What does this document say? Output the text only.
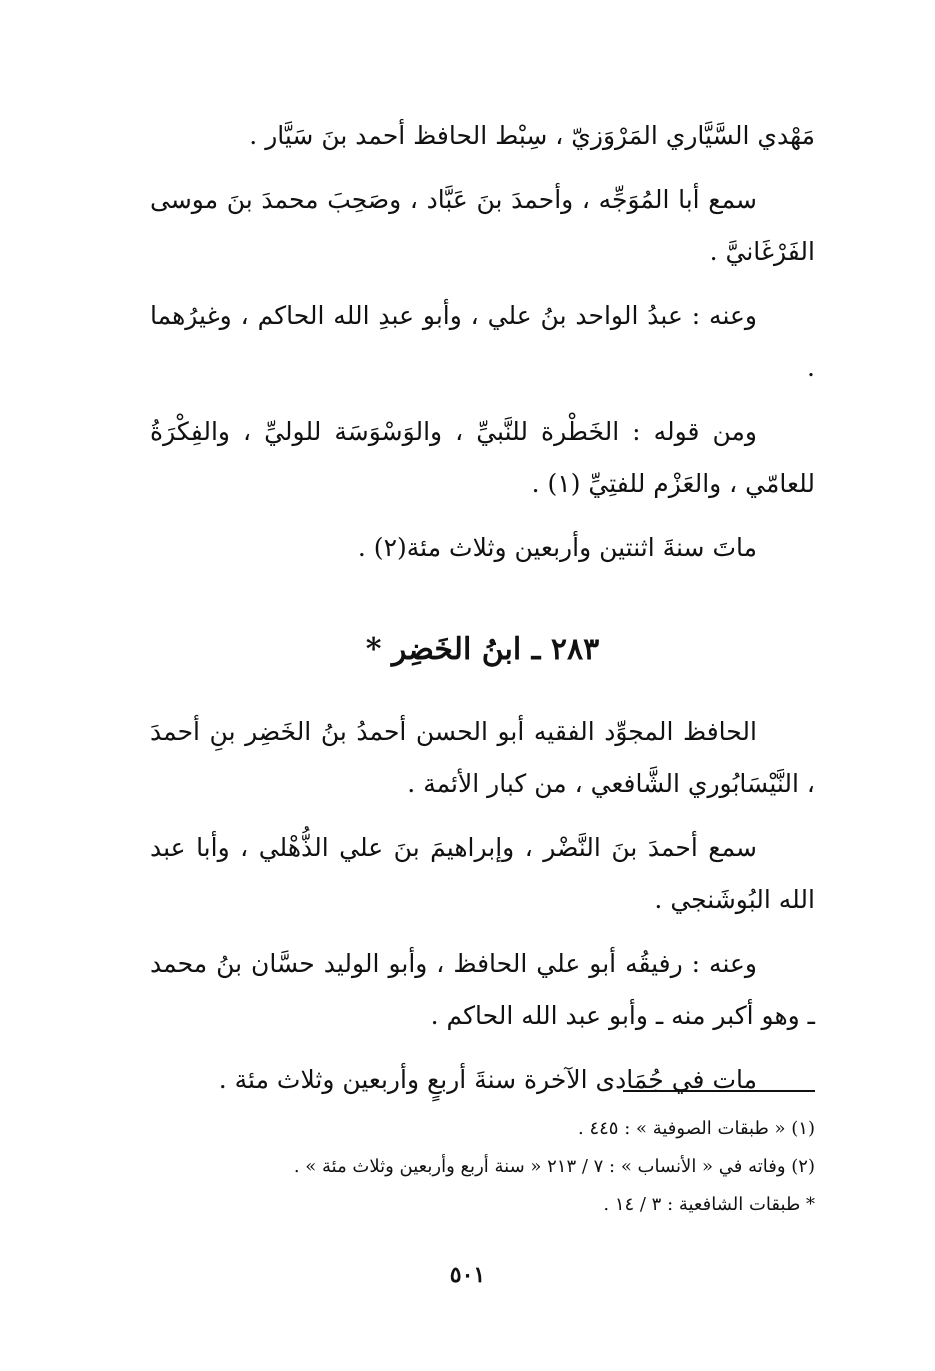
مَهْدي السَّيَّاري المَرْوَزيّ ، سِبْط الحافظ أحمد بنَ سَيَّار .

سمع أبا المُوَجِّه ، وأحمدَ بنَ عَبَّاد ، وصَحِبَ محمدَ بنَ موسى الفَرْغَانيَّ .

وعنه : عبدُ الواحد بنُ علي ، وأبو عبدِ الله الحاكم ، وغيرُهما .

ومن قوله : الخَطْرة للنَّبيِّ ، والوَسْوَسَة للوليِّ ، والفِكْرَةُ للعامّي ، والعَزْم للفتِيِّ (١) .

ماتَ سنةَ اثنتين وأربعين وثلاث مئة(٢) .

٢٨٣ ـ ابنُ الخَضِر *

الحافظ المجوِّد الفقيه أبو الحسن أحمدُ بنُ الخَضِر بنِ أحمدَ ، النَّيْسَابُوري الشَّافعي ، من كبار الأئمة .

سمع أحمدَ بنَ النَّضْر ، وإبراهيمَ بنَ علي الذُّهْلي ، وأبا عبد الله البُوشَنجي .

وعنه : رفيقُه أبو علي الحافظ ، وأبو الوليد حسَّان بنُ محمد ـ وهو أكبر منه ـ وأبو عبد الله الحاكم .

مات في جُمَادى الآخرة سنةَ أربعٍ وأربعين وثلاث مئة .

(١) « طبقات الصوفية » : ٤٤٥ .

(٢) وفاته في « الأنساب » : ٧ / ٢١٣ « سنة أربع وأربعين وثلاث مئة » .

* طبقات الشافعية : ٣ / ١٤ .

٥٠١
